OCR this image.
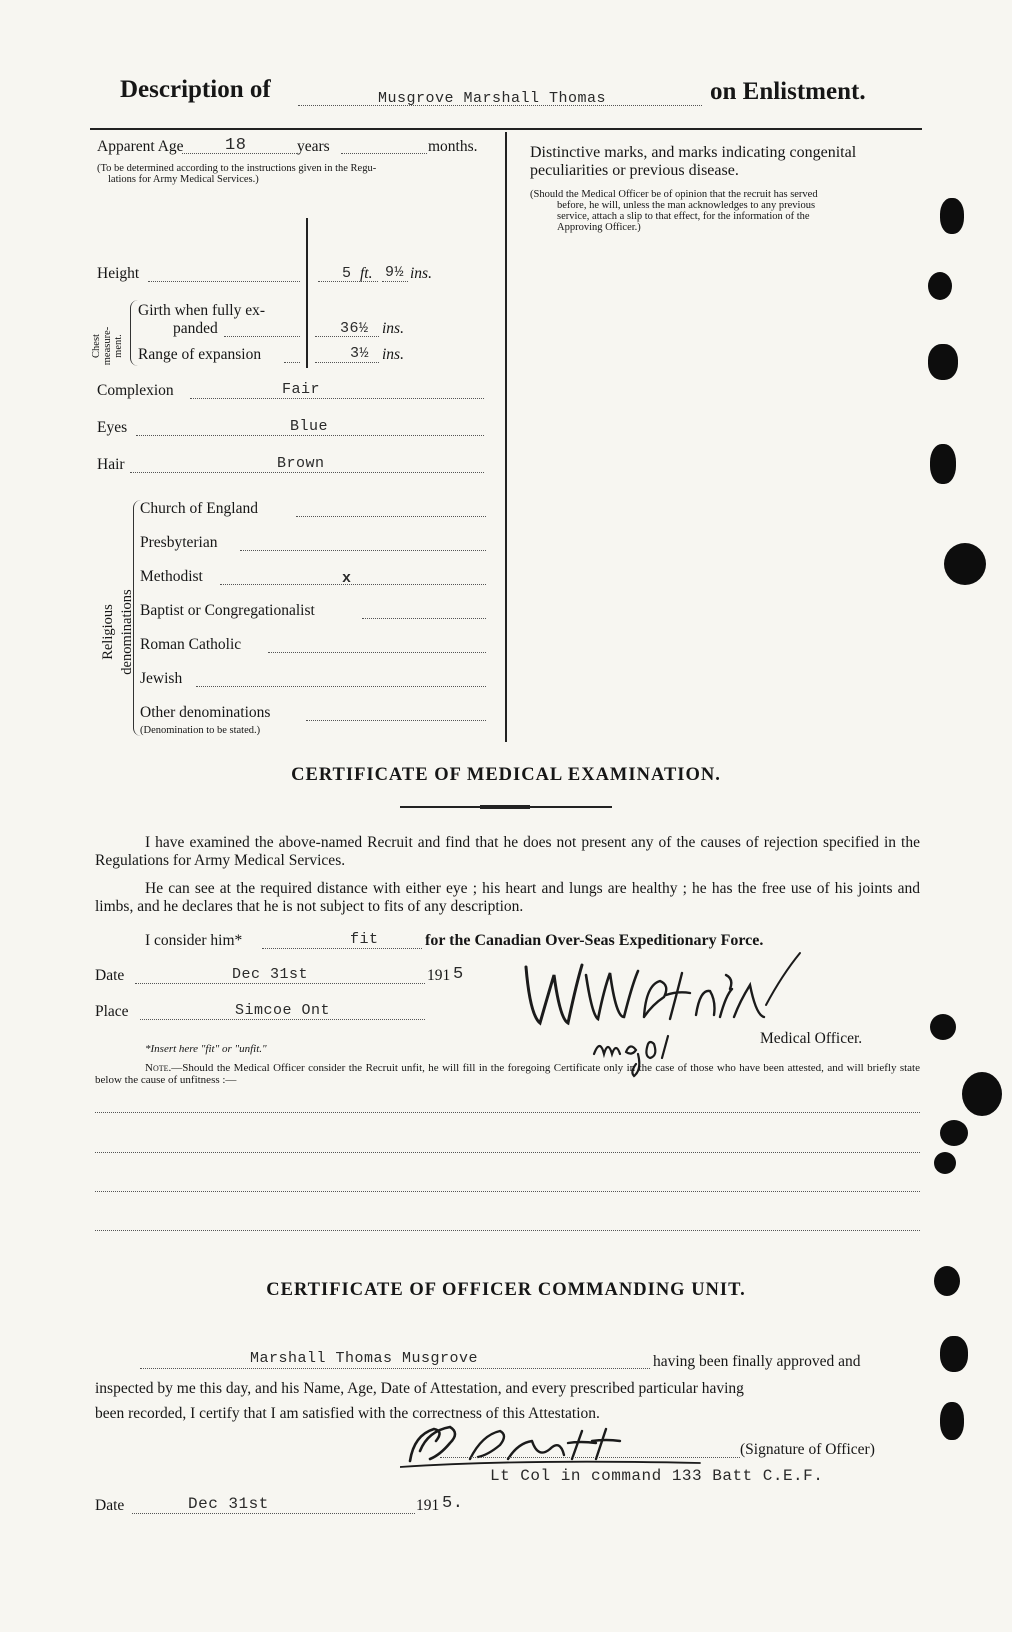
Description of	Musgrove Marshall Thomas	on Enlistment.
Apparent Age 18	years	months.
(To be determined according to the instructions given in the Regu-
lations for Army Medical Services.)
Height	5 ft. 9½ ins.
Chest measure- ment.
Girth when fully ex-
panded	36½ ins.
Range of expansion	3½ ins.
Complexion	Fair
Eyes	Blue
Hair	Brown
Religious denominations
Church of England
Presbyterian
Methodist	x
Baptist or Congregationalist
Roman Catholic
Jewish
Other denominations
(Denomination to be stated.)
Distinctive marks, and marks indicating congenital
peculiarities or previous disease.
(Should the Medical Officer be of opinion that the recruit has served
before, he will, unless the man acknowledges to any previous
service, attach a slip to that effect, for the information of the
Approving Officer.)
CERTIFICATE OF MEDICAL EXAMINATION.
I have examined the above-named Recruit and find that he does not present any of the causes of rejection specified in the Regulations for Army Medical Services.
He can see at the required distance with either eye ; his heart and lungs are healthy ; he has the free use of his joints and limbs, and he declares that he is not subject to fits of any description.
I consider him*	fit	for the Canadian Over-Seas Expeditionary Force.
Date	Dec 31st	191 5
Place	Simcoe Ont
*Insert here "fit" or "unfit."
Medical Officer.
Note.—Should the Medical Officer consider the Recruit unfit, he will fill in the foregoing Certificate only in the case of those who have been attested, and will briefly state below the cause of unfitness :—
CERTIFICATE OF OFFICER COMMANDING UNIT.
Marshall Thomas Musgrove	having been finally approved and
inspected by me this day, and his Name, Age, Date of Attestation, and every prescribed particular having
been recorded, I certify that I am satisfied with the correctness of this Attestation.
(Signature of Officer)
Lt Col in command 133 Batt C.E.F.
Date	Dec 31st	191 5.
